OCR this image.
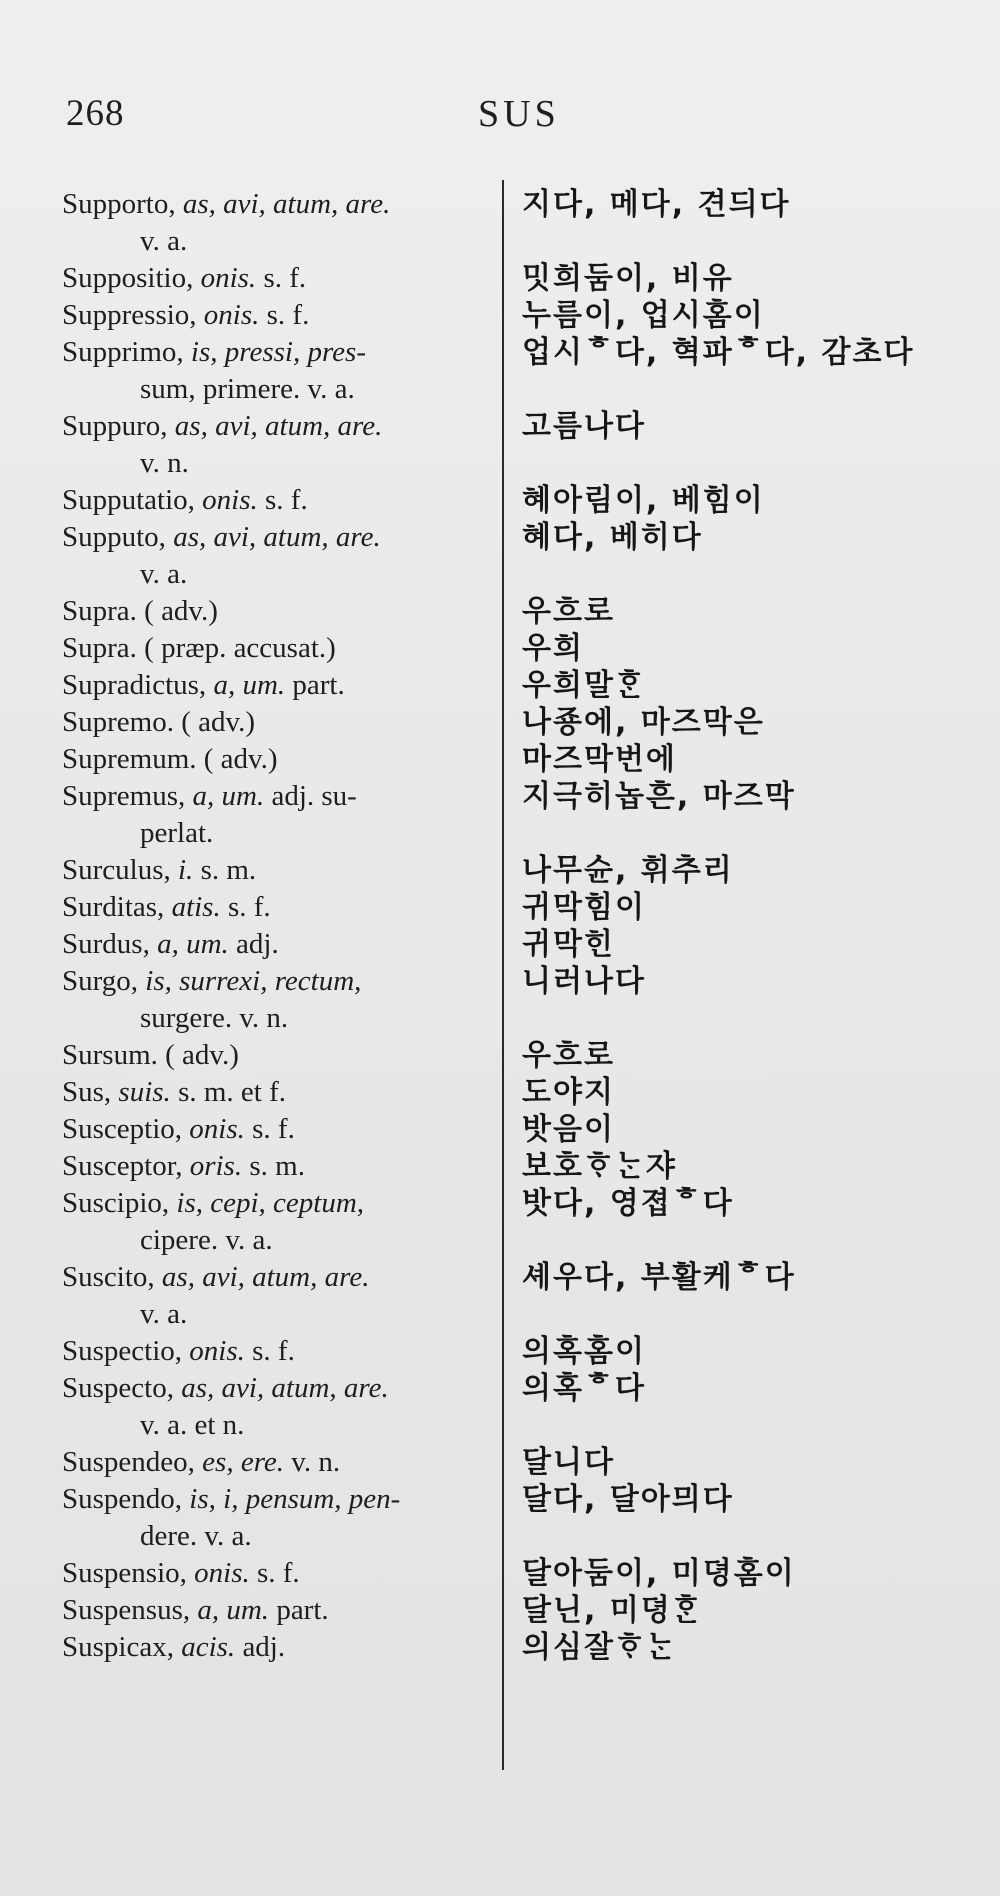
268	SUS
Supporto, as, avi, atum, are.
v. a.
지다, 메다, 견듸다
Suppositio, onis. s. f.	밋희둠이, 비유
Suppressio, onis. s. f.	누름이, 업시홈이
Supprimo, is, pressi, pres-
sum, primere. v. a.
업시ᄒ다, 혁파ᄒ다, 감초다
Suppuro, as, avi, atum, are.
v. n.
고름나다
Supputatio, onis. s. f.	혜아림이, 베힘이
Supputo, as, avi, atum, are.
v. a.
혜다, 베히다
Supra. ( adv.)	우흐로
Supra. ( præp. accusat.)	우희
Supradictus, a, um. part.	우희말ᄒᆞᆫ
Supremo. ( adv.)	나죵에, 마즈막은
Supremum. ( adv.)	마즈막번에
Supremus, a, um. adj. su-
perlat.
지극히놉흔, 마즈막
Surculus, i. s. m.	나무슌, 휘추리
Surditas, atis. s. f.	귀막힘이
Surdus, a, um. adj.	귀막힌
Surgo, is, surrexi, rectum,
surgere. v. n.
니러나다
Sursum. ( adv.)	우흐로
Sus, suis. s. m. et f.	도야지
Susceptio, onis. s. f.	밧음이
Susceptor, oris. s. m.	보호ᄒᆞᄂᆞᆫ쟈
Suscipio, is, cepi, ceptum,
cipere. v. a.
밧다, 영졉ᄒ다
Suscito, as, avi, atum, are.
v. a.
셰우다, 부활케ᄒ다
Suspectio, onis. s. f.	의혹홈이
Suspecto, as, avi, atum, are.
v. a. et n.
의혹ᄒ다
Suspendeo, es, ere. v. n.	달니다
Suspendo, is, i, pensum, pen-
dere. v. a.
달다, 달아믜다
Suspensio, onis. s. f.	달아둠이, 미뎡홈이
Suspensus, a, um. part.	달닌, 미뎡ᄒᆞᆫ
Suspicax, acis. adj.	의심잘ᄒᆞᄂᆞᆫ
